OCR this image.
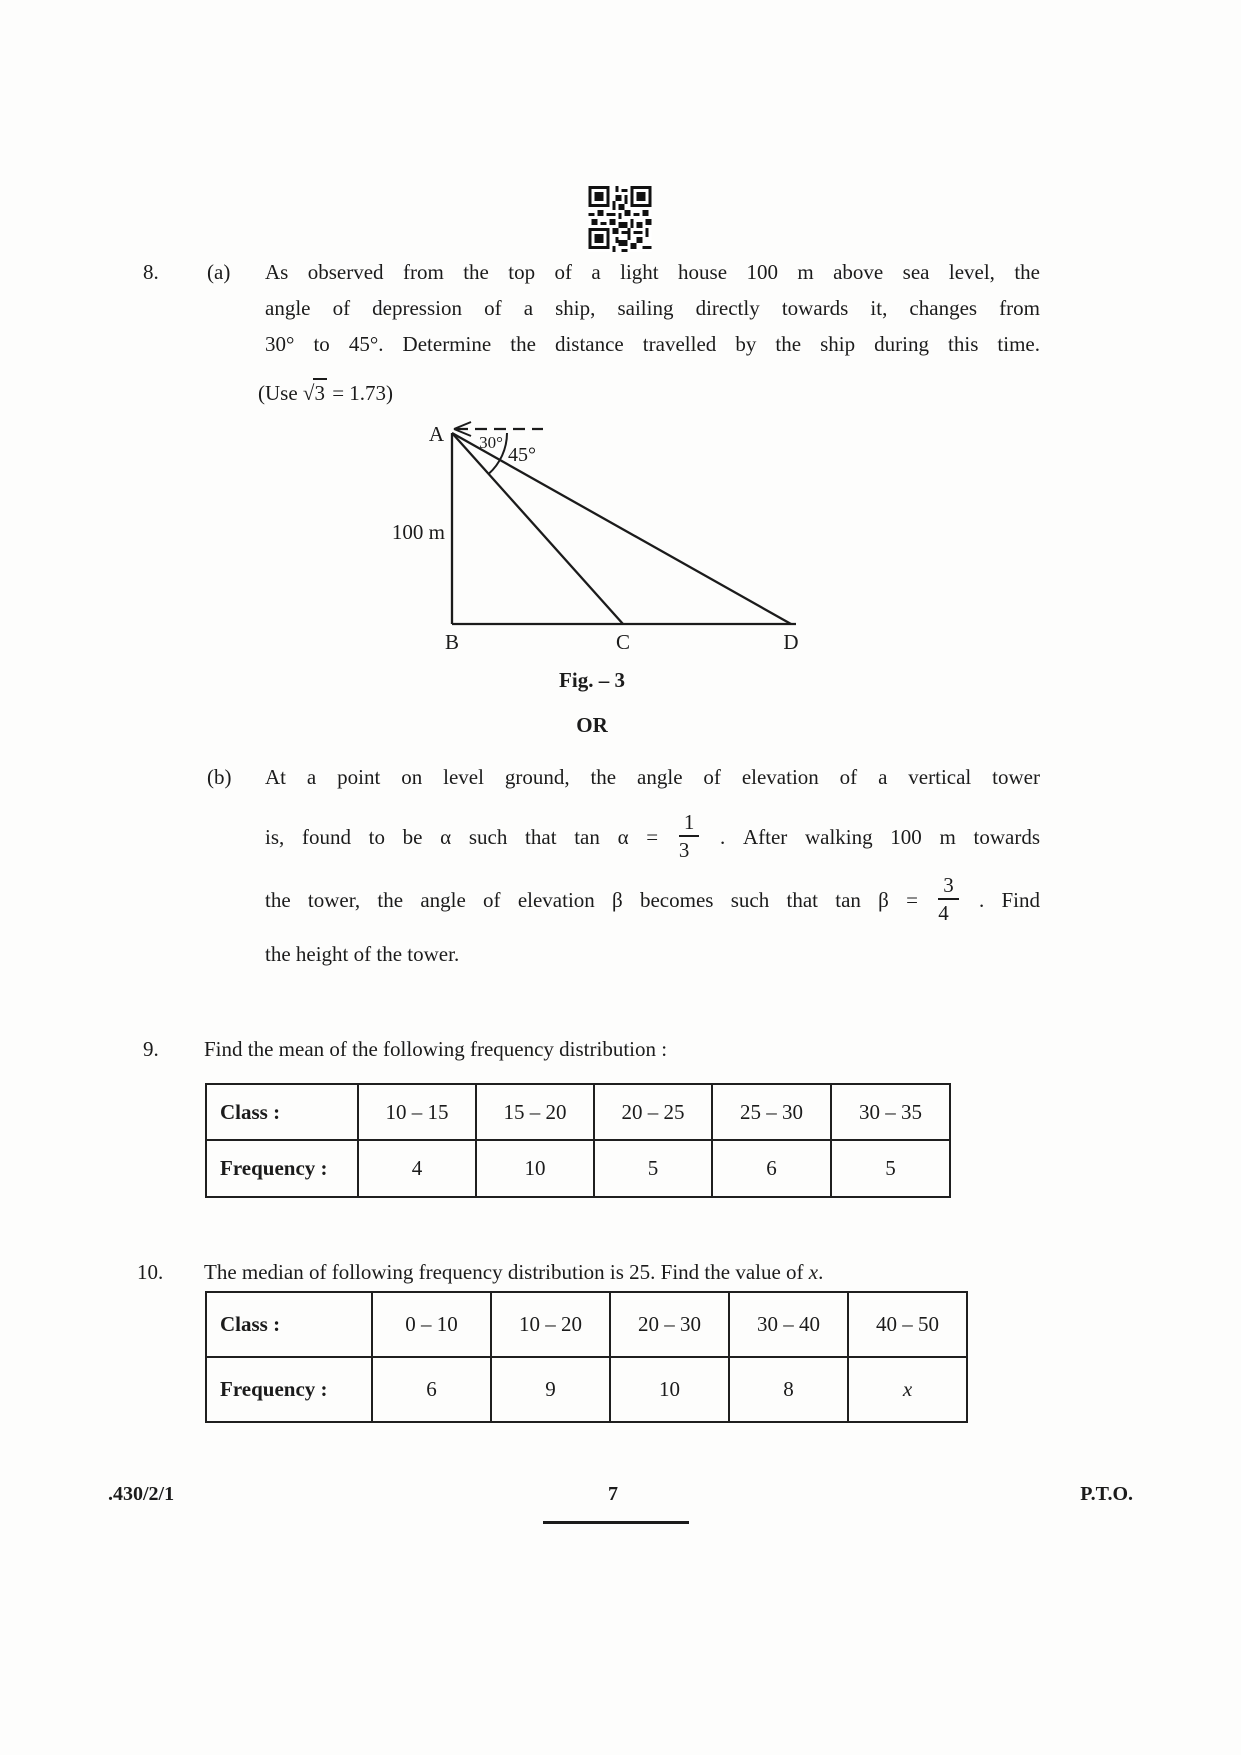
8. (a) As observed from the top of a light house 100 m above sea level, the
angle of depression of a ship, sailing directly towards it, changes from
30° to 45°. Determine the distance travelled by the ship during this time.
(Use √3 = 1.73)
A 30°
45°
100 m
B	C	D
Fig. – 3
OR
(b) At a point on level ground, the angle of elevation of a vertical tower
is, found to be α such that $\tan \alpha = \frac{1}{3}$ . After walking 100 m towards
the tower, the angle of elevation β becomes such that $\tan \beta = \frac{3}{4}$ . Find
the height of the tower.
9. Find the mean of the following frequency distribution :
Class :	10 – 15	15 – 20	20 – 25	25 – 30	30 – 35
Frequency :	4	10	5	6	5
10. The median of following frequency distribution is 25. Find the value of x.
Class :	0 – 10	10 – 20	20 – 30	30 – 40	40 – 50
Frequency :	6	9	10	8	x
.430/2/1	7	P.T.O.
